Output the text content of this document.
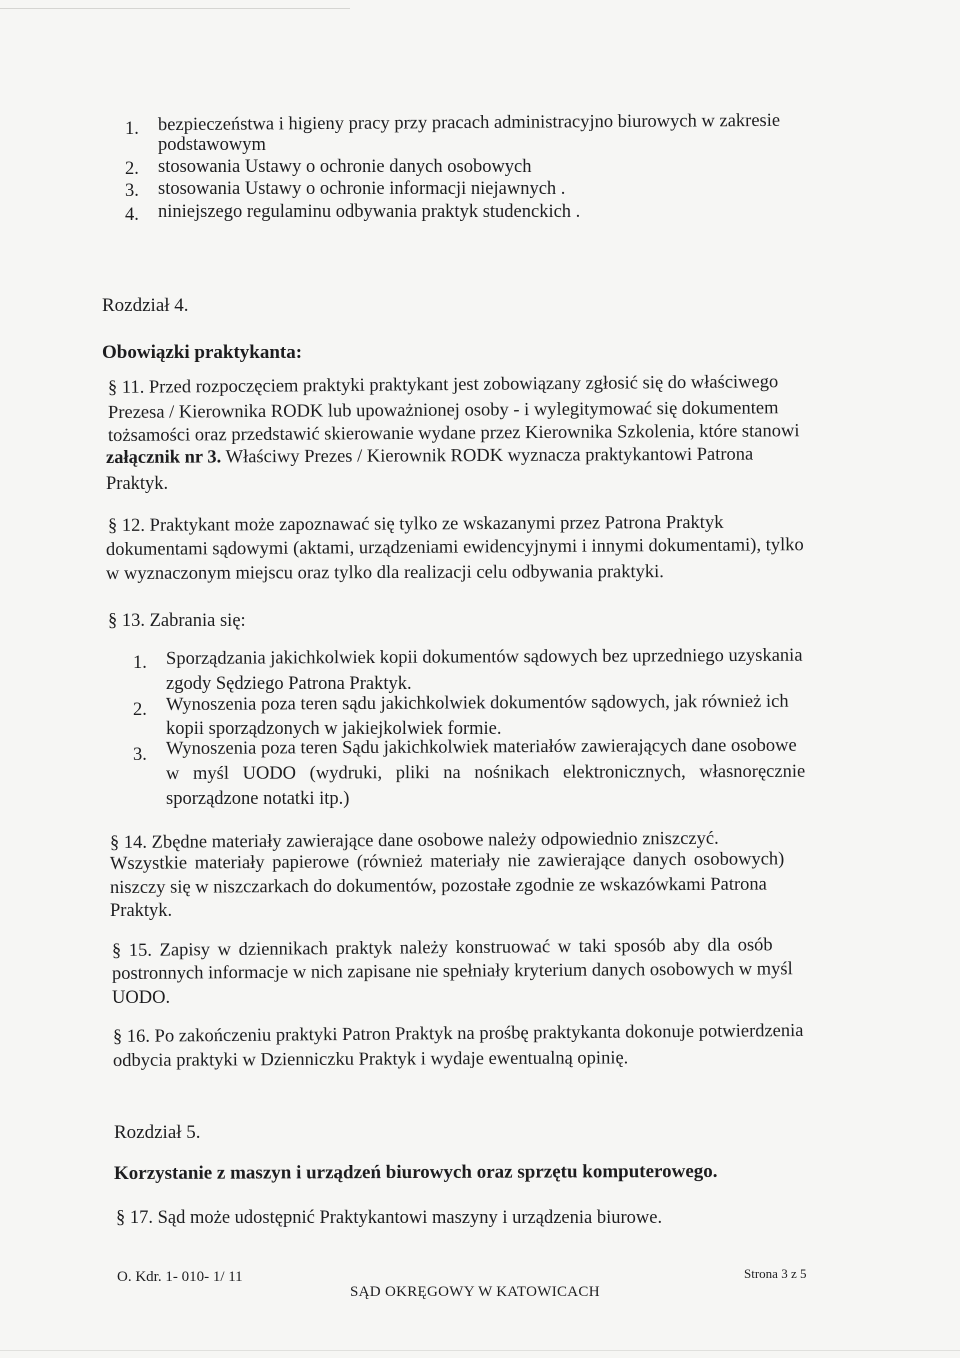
1. bezpieczeństwa i higieny pracy przy pracach administracyjno biurowych w zakresie
podstawowym
2. stosowania Ustawy o ochronie danych osobowych
3. stosowania Ustawy o ochronie informacji niejawnych .
4. niniejszego regulaminu odbywania praktyk studenckich .
Rozdział 4.
Obowiązki praktykanta:
§ 11. Przed rozpoczęciem praktyki praktykant jest zobowiązany zgłosić się do właściwego
Prezesa / Kierownika RODK lub upoważnionej osoby - i wylegitymować się dokumentem
tożsamości oraz przedstawić skierowanie wydane przez Kierownika Szkolenia, które stanowi
załącznik nr 3. Właściwy Prezes / Kierownik RODK wyznacza praktykantowi Patrona
Praktyk.
§ 12. Praktykant może zapoznawać się tylko ze wskazanymi przez Patrona Praktyk
dokumentami sądowymi (aktami, urządzeniami ewidencyjnymi i innymi dokumentami), tylko
w wyznaczonym miejscu oraz tylko dla realizacji celu odbywania praktyki.
§ 13. Zabrania się:
1. Sporządzania jakichkolwiek kopii dokumentów sądowych bez uprzedniego uzyskania
zgody Sędziego Patrona Praktyk.
2. Wynoszenia poza teren sądu jakichkolwiek dokumentów sądowych, jak również ich
kopii sporządzonych w jakiejkolwiek formie.
3. Wynoszenia poza teren Sądu jakichkolwiek materiałów zawierających dane osobowe
w myśl UODO (wydruki, pliki na nośnikach elektronicznych, własnoręcznie
sporządzone notatki itp.)
§ 14. Zbędne materiały zawierające dane osobowe należy odpowiednio zniszczyć.
Wszystkie materiały papierowe (również materiały nie zawierające danych osobowych)
niszczy się w niszczarkach do dokumentów, pozostałe zgodnie ze wskazówkami Patrona
Praktyk.
§ 15. Zapisy w dziennikach praktyk należy konstruować w taki sposób aby dla osób
postronnych informacje w nich zapisane nie spełniały kryterium danych osobowych w myśl
UODO.
§ 16. Po zakończeniu praktyki Patron Praktyk na prośbę praktykanta dokonuje potwierdzenia
odbycia praktyki w Dzienniczku Praktyk i wydaje ewentualną opinię.
Rozdział 5.
Korzystanie z maszyn i urządzeń biurowych oraz sprzętu komputerowego.
§ 17. Sąd może udostępnić Praktykantowi maszyny i urządzenia biurowe.
O. Kdr. 1- 010- 1/ 11
SĄD OKRĘGOWY W KATOWICACH
Strona 3 z 5
